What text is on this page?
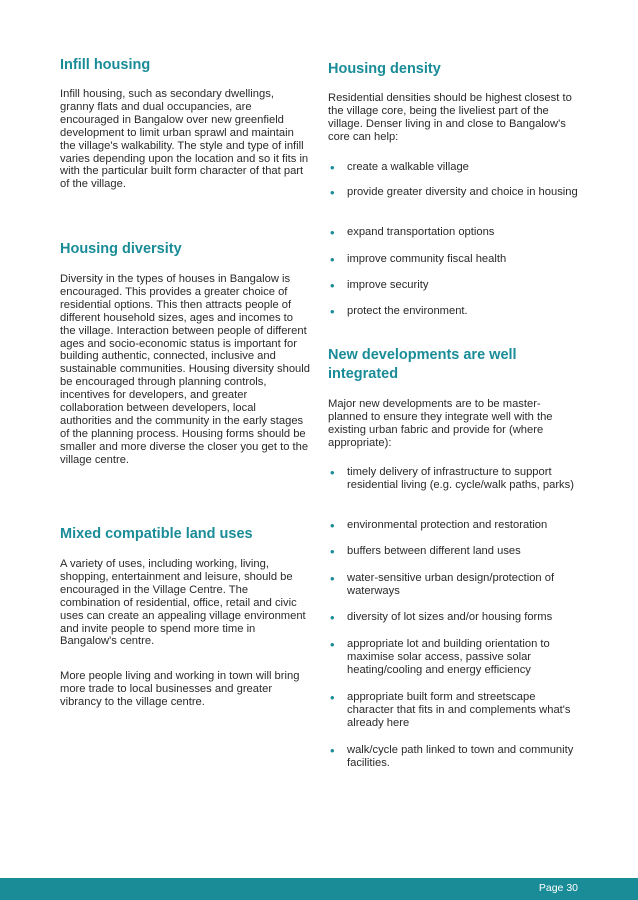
Infill housing

Infill housing, such as secondary dwellings, granny flats and dual occupancies, are encouraged in Bangalow over new greenfield development to limit urban sprawl and maintain the village's walkability. The style and type of infill varies depending upon the location and so it fits in with the particular built form character of that part of the village.

Housing diversity

Diversity in the types of houses in Bangalow is encouraged. This provides a greater choice of residential options. This then attracts people of different household sizes, ages and incomes to the village. Interaction between people of different ages and socio-economic status is important for building authentic, connected, inclusive and sustainable communities. Housing diversity should be encouraged through planning controls, incentives for developers, and greater collaboration between developers, local authorities and the community in the early stages of the planning process. Housing forms should be smaller and more diverse the closer you get to the village centre.

Mixed compatible land uses

A variety of uses, including working, living, shopping, entertainment and leisure, should be encouraged in the Village Centre. The combination of residential, office, retail and civic uses can create an appealing village environment and invite people to spend more time in Bangalow's centre.

More people living and working in town will bring more trade to local businesses and greater vibrancy to the village centre.

Housing density

Residential densities should be highest closest to the village core, being the liveliest part of the village. Denser living in and close to Bangalow's core can help:

• create a walkable village
• provide greater diversity and choice in housing
• expand transportation options
• improve community fiscal health
• improve security
• protect the environment.
New developments are well integrated

Major new developments are to be master-planned to ensure they integrate well with the existing urban fabric and provide for (where appropriate):

• timely delivery of infrastructure to support residential living (e.g. cycle/walk paths, parks)
• environmental protection and restoration
• buffers between different land uses
• water-sensitive urban design/protection of waterways
• diversity of lot sizes and/or housing forms
• appropriate lot and building orientation to maximise solar access, passive solar heating/cooling and energy efficiency
• appropriate built form and streetscape character that fits in and complements what's already here
• walk/cycle path linked to town and community facilities.
Page 30
